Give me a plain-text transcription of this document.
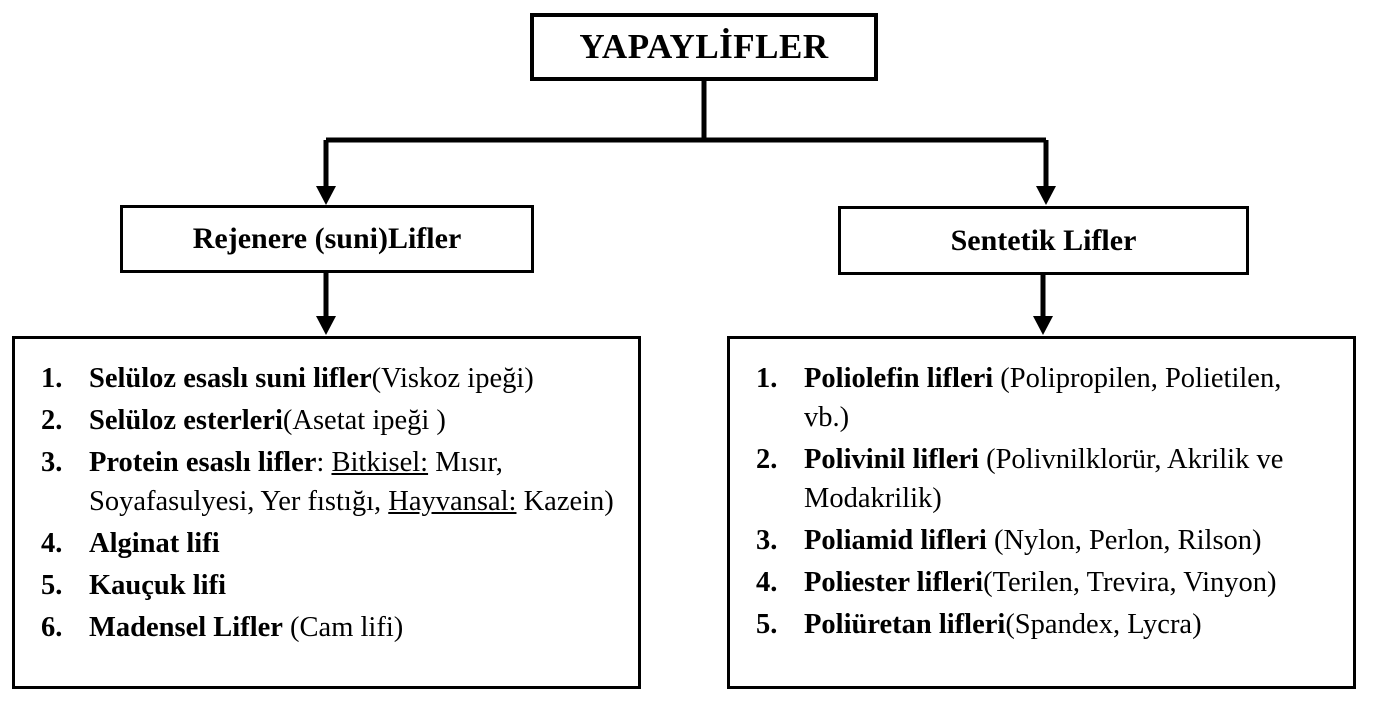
YAPAYLİFLER
Rejenere (suni)Lifler	Sentetik Lifler
1. Selüloz esaslı suni lifler(Viskoz ipeği)
2. Selüloz esterleri(Asetat ipeği )
3. Protein esaslı lifler: Bitkisel: Mısır, Soyafasulyesi, Yer fıstığı, Hayvansal: Kazein)
4. Alginat lifi
5. Kauçuk lifi
6. Madensel Lifler (Cam lifi)
1. Poliolefin lifleri (Polipropilen, Polietilen, vb.)
2. Polivinil lifleri (Polivnilklorür, Akrilik ve Modakrilik)
3. Poliamid lifleri (Nylon, Perlon, Rilson)
4. Poliester lifleri(Terilen, Trevira, Vinyon)
5. Poliüretan lifleri(Spandex, Lycra)
